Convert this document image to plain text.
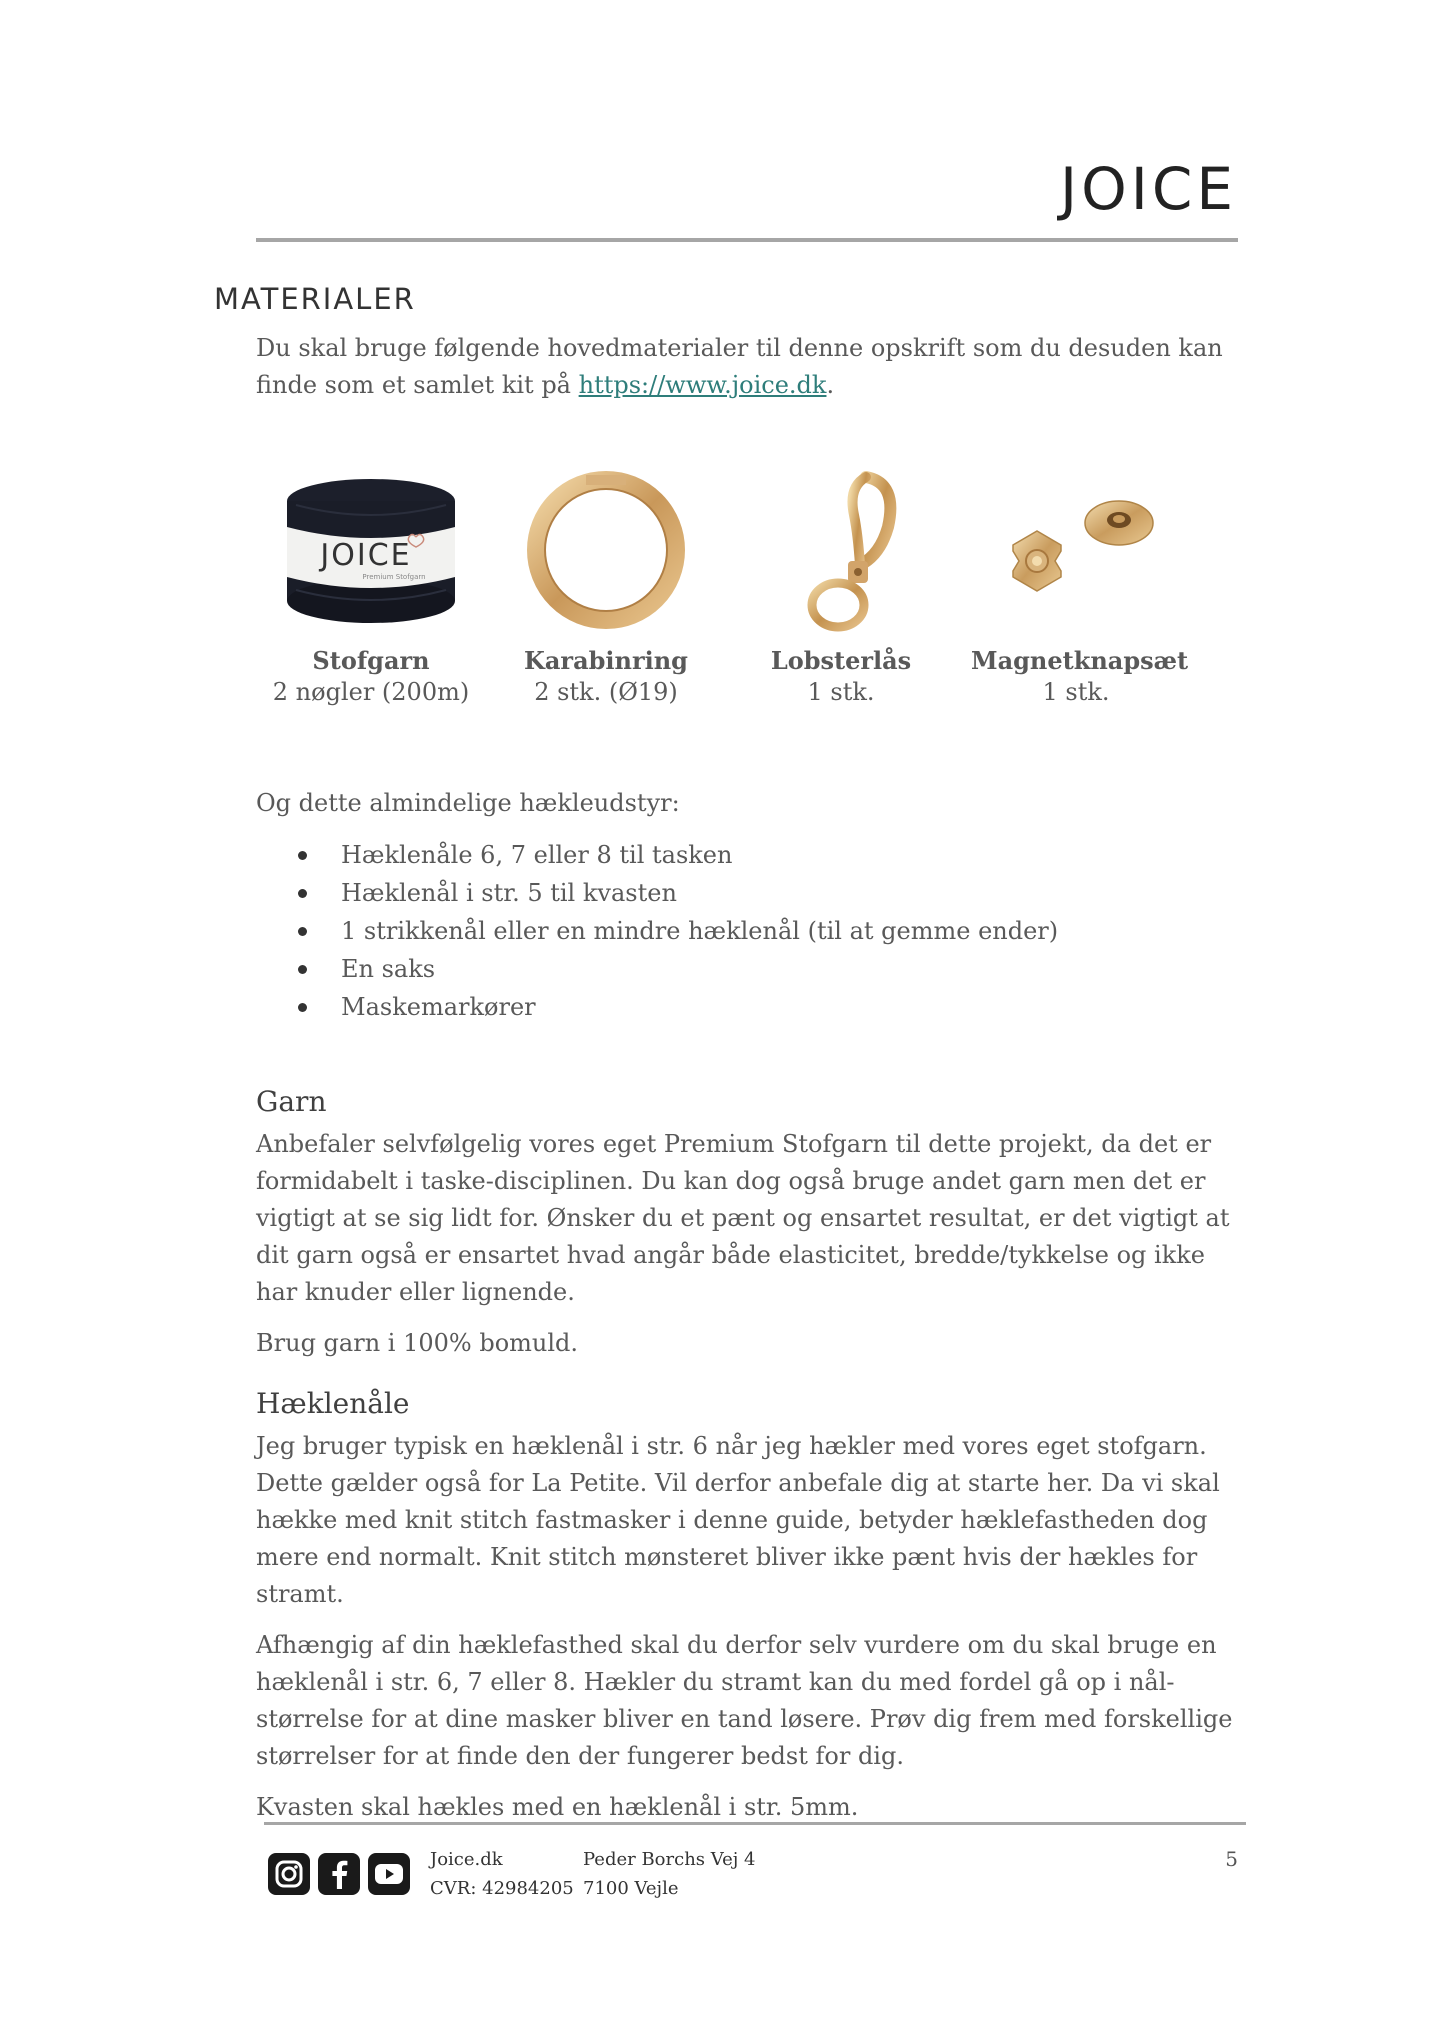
JOICE
MATERIALER

Du skal bruge følgende hovedmaterialer til denne opskrift som du desuden kan finde som et samlet kit på https://www.joice.dk.

JOICE
Premium Stofgarn
Stofgarn
2 nøgler (200m)
Karabinring
2 stk. (Ø19)
Lobsterlås
1 stk.
Magnetknapsæt
1 stk.

Og dette almindelige hækleudstyr:

Hæklenåle 6, 7 eller 8 til tasken
Hæklenål i str. 5 til kvasten
1 strikkenål eller en mindre hæklenål (til at gemme ender)
En saks
Maskemarkører
Garn

Anbefaler selvfølgelig vores eget Premium Stofgarn til dette projekt, da det er formidabelt i taske-disciplinen. Du kan dog også bruge andet garn men det er vigtigt at se sig lidt for. Ønsker du et pænt og ensartet resultat, er det vigtigt at dit garn også er ensartet hvad angår både elasticitet, bredde/tykkelse og ikke har knuder eller lignende.

Brug garn i 100% bomuld.

Hæklenåle

Jeg bruger typisk en hæklenål i str. 6 når jeg hækler med vores eget stofgarn. Dette gælder også for La Petite. Vil derfor anbefale dig at starte her. Da vi skal hække med knit stitch fastmasker i denne guide, betyder hæklefastheden dog mere end normalt. Knit stitch mønsteret bliver ikke pænt hvis der hækles for stramt.

Afhængig af din hæklefasthed skal du derfor selv vurdere om du skal bruge en hæklenål i str. 6, 7 eller 8. Hækler du stramt kan du med fordel gå op i nål-størrelse for at dine masker bliver en tand løsere. Prøv dig frem med forskellige størrelser for at finde den der fungerer bedst for dig.

Kvasten skal hækles med en hæklenål i str. 5mm.

Joice.dk
CVR: 42984205
Peder Borchs Vej 4
7100 Vejle
5
